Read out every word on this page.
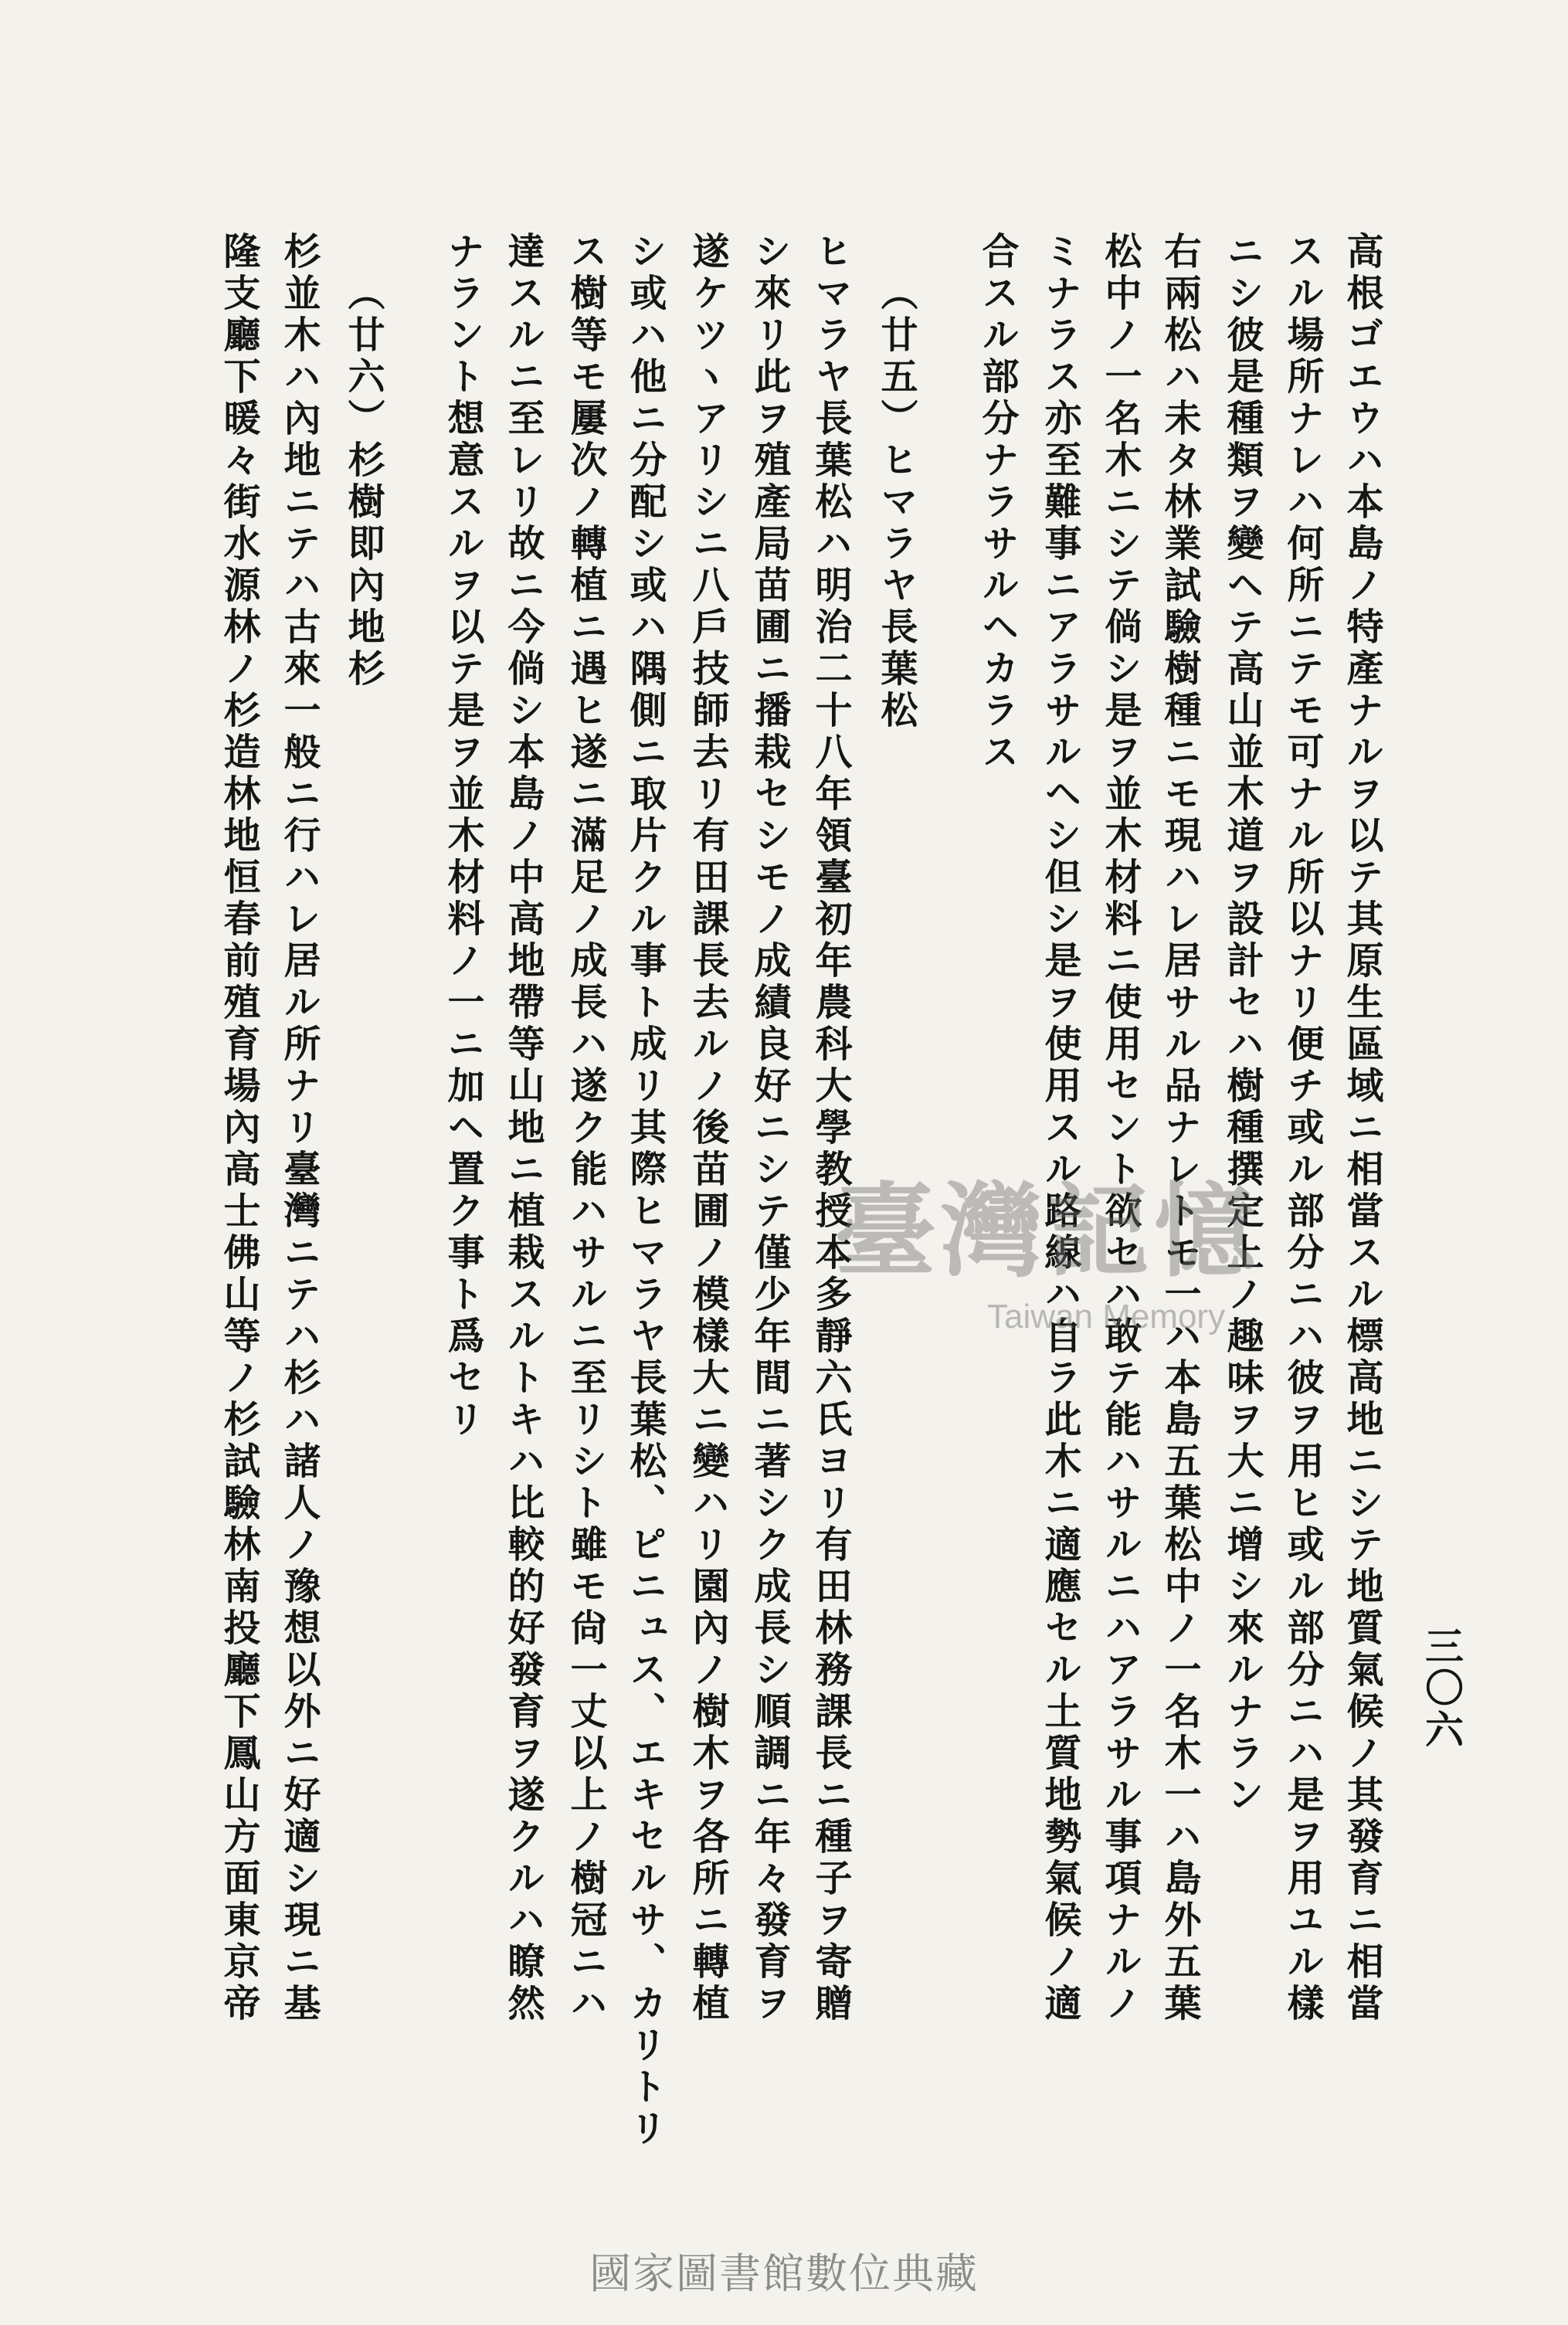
三〇六
高根ゴエウハ本島ノ特產ナルヲ以テ其原生區域ニ相當スル標高地ニシテ地質氣候ノ其發育ニ相當
スル場所ナレハ何所ニテモ可ナル所以ナリ便チ或ル部分ニハ彼ヲ用ヒ或ル部分ニハ是ヲ用ユル樣
ニシ彼是種類ヲ變ヘテ高山並木道ヲ設計セハ樹種撰定上ノ趣味ヲ大ニ增シ來ルナラン
右兩松ハ未タ林業試驗樹種ニモ現ハレ居サル品ナレトモ一ハ本島五葉松中ノ一名木一ハ島外五葉
松中ノ一名木ニシテ倘シ是ヲ並木材料ニ使用セント欲セハ敢テ能ハサルニハアラサル事項ナルノ
ミナラス亦至難事ニアラサルヘシ但シ是ヲ使用スル路線ハ自ラ此木ニ適應セル土質地勢氣候ノ適
合スル部分ナラサルヘカラス
（廿五）ヒマラヤ長葉松
ヒマラヤ長葉松ハ明治二十八年領臺初年農科大學教授本多靜六氏ヨリ有田林務課長ニ種子ヲ寄贈
シ來リ此ヲ殖產局苗圃ニ播栽セシモノ成績良好ニシテ僅少年間ニ著シク成長シ順調ニ年々發育ヲ
遂ケツヽアリシニ八戶技師去リ有田課長去ルノ後苗圃ノ模樣大ニ變ハリ園內ノ樹木ヲ各所ニ轉植
シ或ハ他ニ分配シ或ハ隅側ニ取片クル事ト成リ其際ヒマラヤ長葉松、ピニュス、エキセルサ、カリトリ
ス樹等モ屢次ノ轉植ニ遇ヒ遂ニ滿足ノ成長ハ遂ク能ハサルニ至リシト雖モ尙一丈以上ノ樹冠ニハ
達スルニ至レリ故ニ今倘シ本島ノ中高地帶等山地ニ植栽スルトキハ比較的好發育ヲ遂クルハ瞭然
ナラント想意スルヲ以テ是ヲ並木材料ノ一ニ加ヘ置ク事ト爲セリ
（廿六）杉樹即內地杉
杉並木ハ內地ニテハ古來一般ニ行ハレ居ル所ナリ臺灣ニテハ杉ハ諸人ノ豫想以外ニ好適シ現ニ基
隆支廳下暖々街水源林ノ杉造林地恒春前殖育場內高士佛山等ノ杉試驗林南投廳下鳳山方面東京帝	臺灣記憶
Taiwan Memory
國家圖書館數位典藏
